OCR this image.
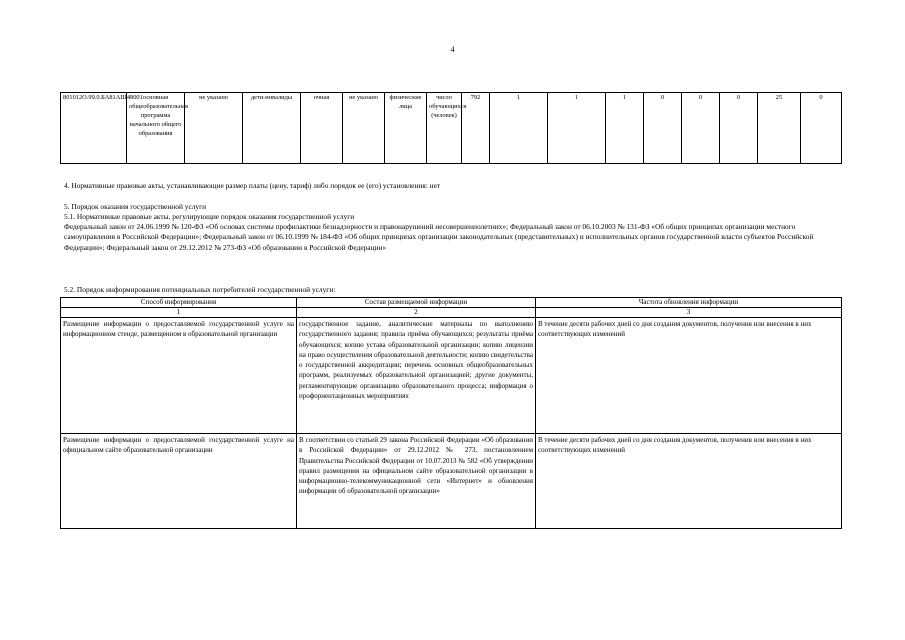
4
801012О.99.0.БА81АЩ48001	основная общеобразовательная программа начального общего образования	не указано	дети-инвалиды	очная	не указано	физические лица	число обучающихся (человек)	792	1	1	1	0	0	0	25	0
4. Нормативные правовые акты, устанавливающие размер платы (цену, тариф) либо порядок ее (его) установления: нет
5. Порядок оказания государственной услуги
5.1. Нормативные правовые акты, регулирующие порядок оказания государственной услуги
Федеральный закон от 24.06.1999 № 120-ФЗ «Об основах системы профилактики безнадзорности и правонарушений несовершеннолетних»; Федеральный закон от 06.10.2003 № 131-ФЗ «Об общих принципах организации местного самоуправления в Российской Федерации»; Федеральный закон от 06.10.1999 № 184-ФЗ «Об общих принципах организации законодательных (представительных) и исполнительных органов государственной власти субъектов Российской Федерации»; Федеральный закон от 29.12.2012 № 273-ФЗ «Об образовании в Российской Федерации»
5.2. Порядок информирования потенциальных потребителей государственной услуги:
Способ информирования	Состав размещаемой информации	Частота обновления информации
1	2	3
Размещение информации о предоставляемой государственной услуге на информационном стенде, размещенном в образовательной организации	государственное задание, аналитические материалы по выполнению государственного задания; правила приёма обучающихся; результаты приёма обучающихся; копию устава образовательной организации; копию лицензии на право осуществления образовательной деятельности; копию свидетельства о государственной аккредитации; перечень основных общеобразовательных программ, реализуемых образовательной организацией; другие документы, регламентирующие организацию образовательного процесса; информация о профориентационных мероприятиях	В течение десяти рабочих дней со дня создания документов, получения или внесения в них соответствующих изменений
Размещение информации о предоставляемой государственной услуге на официальном сайте образовательной организации	В соответствии со статьей 29 закона Российской Федерации «Об образовании в Российской Федерации» от 29.12.2012 № 273, постановлением Правительства Российской Федерации от 10.07.2013 № 582 «Об утверждении правил размещения на официальном сайте образовательной организации в информационно-телекоммуникационной сети «Интернет» и обновления информации об образовательной организации»	В течение десяти рабочих дней со дня создания документов, получения или внесения в них соответствующих изменений
